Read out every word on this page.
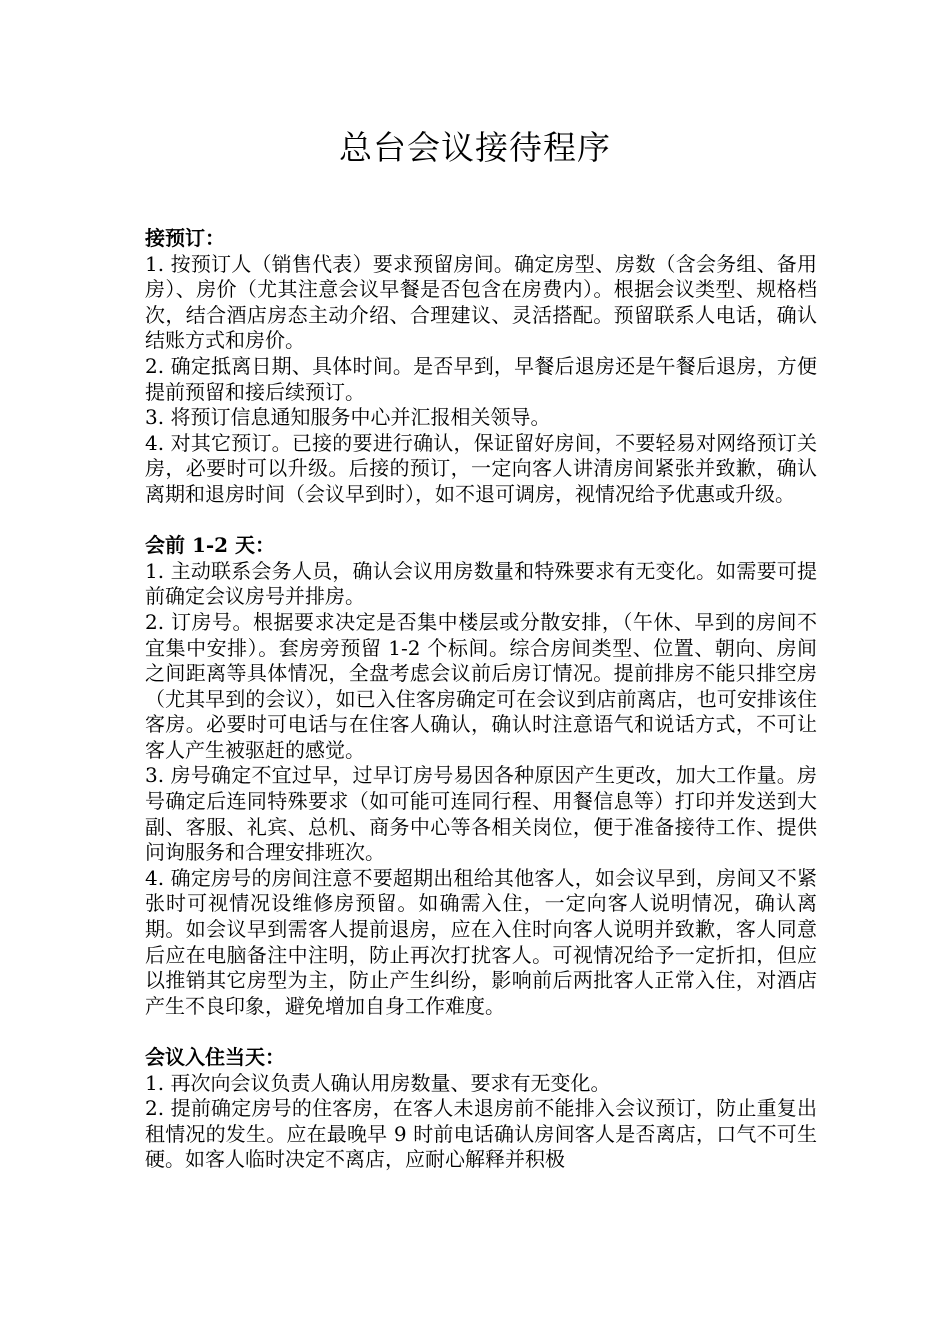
总台会议接待程序

接预订：

1. 按预订人（销售代表）要求预留房间。确定房型、房数（含会务组、备用房）、房价（尤其注意会议早餐是否包含在房费内）。根据会议类型、规格档次，结合酒店房态主动介绍、合理建议、灵活搭配。预留联系人电话，确认结账方式和房价。

2. 确定抵离日期、具体时间。是否早到，早餐后退房还是午餐后退房，方便提前预留和接后续预订。

3. 将预订信息通知服务中心并汇报相关领导。

4. 对其它预订。已接的要进行确认，保证留好房间，不要轻易对网络预订关房，必要时可以升级。后接的预订，一定向客人讲清房间紧张并致歉，确认离期和退房时间（会议早到时），如不退可调房，视情况给予优惠或升级。

会前 1-2 天：

1. 主动联系会务人员，确认会议用房数量和特殊要求有无变化。如需要可提前确定会议房号并排房。

2. 订房号。根据要求决定是否集中楼层或分散安排，（午休、早到的房间不宜集中安排）。套房旁预留 1-2 个标间。综合房间类型、位置、朝向、房间之间距离等具体情况，全盘考虑会议前后房订情况。提前排房不能只排空房（尤其早到的会议），如已入住客房确定可在会议到店前离店，也可安排该住客房。必要时可电话与在住客人确认，确认时注意语气和说话方式，不可让客人产生被驱赶的感觉。

3. 房号确定不宜过早，过早订房号易因各种原因产生更改，加大工作量。房号确定后连同特殊要求（如可能可连同行程、用餐信息等）打印并发送到大副、客服、礼宾、总机、商务中心等各相关岗位，便于准备接待工作、提供问询服务和合理安排班次。

4. 确定房号的房间注意不要超期出租给其他客人，如会议早到，房间又不紧张时可视情况设维修房预留。如确需入住，一定向客人说明情况，确认离期。如会议早到需客人提前退房，应在入住时向客人说明并致歉，客人同意后应在电脑备注中注明，防止再次打扰客人。可视情况给予一定折扣，但应以推销其它房型为主，防止产生纠纷，影响前后两批客人正常入住，对酒店产生不良印象，避免增加自身工作难度。

会议入住当天：

1. 再次向会议负责人确认用房数量、要求有无变化。

2. 提前确定房号的住客房，在客人未退房前不能排入会议预订，防止重复出租情况的发生。应在最晚早 9 时前电话确认房间客人是否离店，口气不可生硬。如客人临时决定不离店，应耐心解释并积极
